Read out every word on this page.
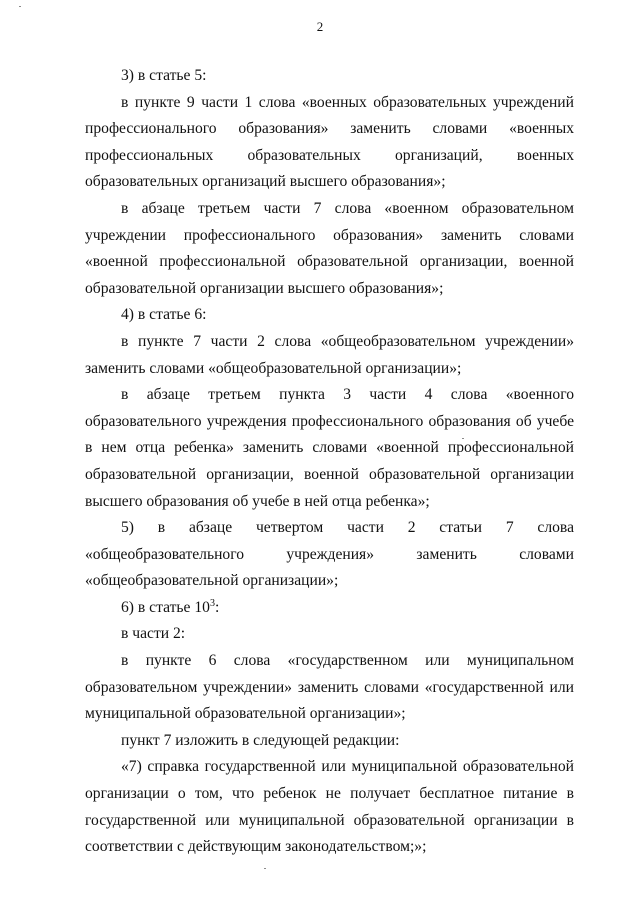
2

3) в статье 5:

в пункте 9 части 1 слова «военных образовательных учреждений профессионального образования» заменить словами «военных профессиональных образовательных организаций, военных образовательных организаций высшего образования»;

в абзаце третьем части 7 слова «военном образовательном учреждении профессионального образования» заменить словами «военной профессиональной образовательной организации, военной образовательной организации высшего образования»;

4) в статье 6:

в пункте 7 части 2 слова «общеобразовательном учреждении» заменить словами «общеобразовательной организации»;

в абзаце третьем пункта 3 части 4 слова «военного образовательного учреждения профессионального образования об учебе в нем отца ребенка» заменить словами «военной профессиональной образовательной организации, военной образовательной организации высшего образования об учебе в ней отца ребенка»;

5) в абзаце четвертом части 2 статьи 7 слова «общеобразовательного учреждения» заменить словами «общеобразовательной организации»;

6) в статье $10^3$:

в части 2:

в пункте 6 слова «государственном или муниципальном образовательном учреждении» заменить словами «государственной или муниципальной образовательной организации»;

пункт 7 изложить в следующей редакции:

«7) справка государственной или муниципальной образовательной организации о том, что ребенок не получает бесплатное питание в государственной или муниципальной образовательной организации в соответствии с действующим законодательством;»;
